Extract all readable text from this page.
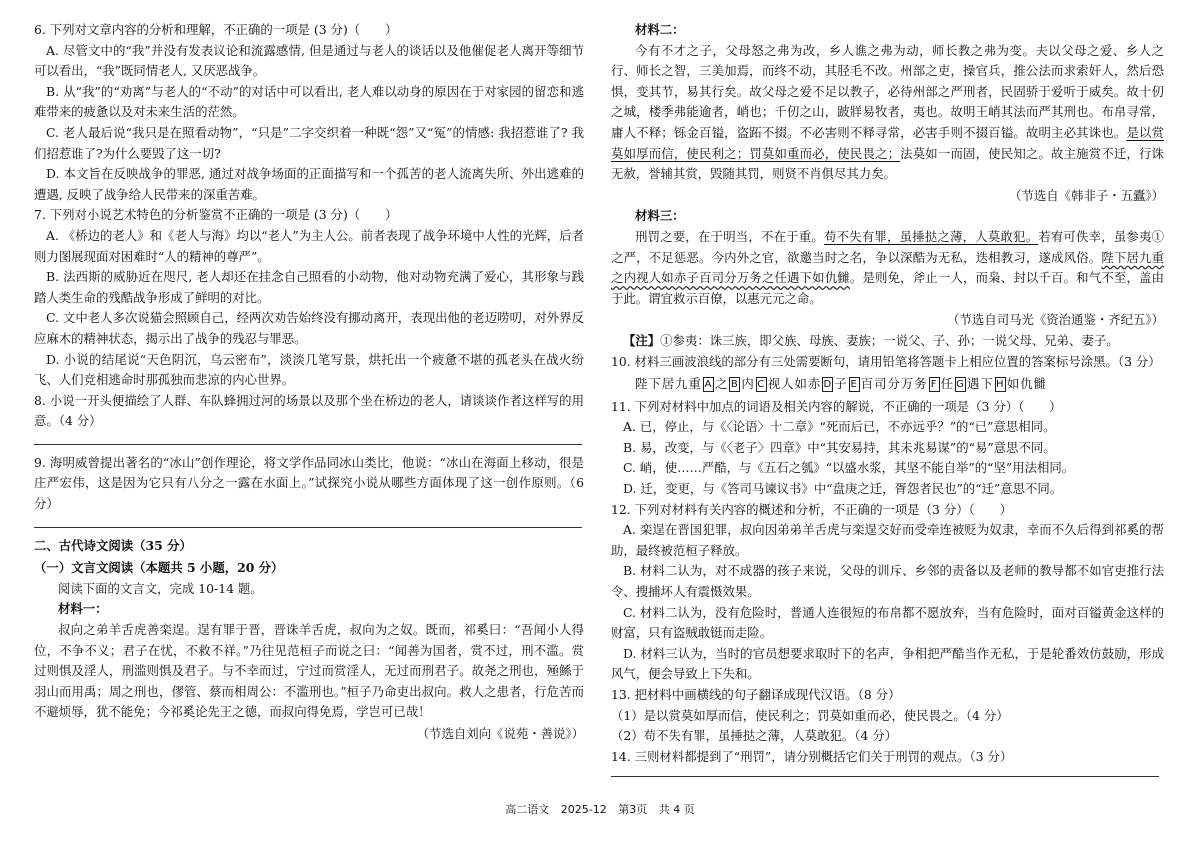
6. 下列对文章内容的分析和理解，不正确的一项是 (3 分)（　　）

A. 尽管文中的“我”并没有发表议论和流露感情, 但是通过与老人的谈话以及他催促老人离开等细节可以看出，“我”既同情老人, 又厌恶战争。

B. 从“我”的“劝离”与老人的“不动”的对话中可以看出, 老人难以动身的原因在于对家园的留恋和逃难带来的疲惫以及对未来生活的茫然。

C. 老人最后说“我只是在照看动物”，“只是”二字交织着一种既“怨”又“冤”的情感: 我招惹谁了? 我们招惹谁了?为什么要毁了这一切?

D. 本文旨在反映战争的罪恶, 通过对战争场面的正面描写和一个孤苦的老人流离失所、外出逃难的遭遇, 反映了战争给人民带来的深重苦难。

7. 下列对小说艺术特色的分析鉴赏不正确的一项是 (3 分)（　　）

A. 《桥边的老人》和《老人与海》均以“老人”为主人公。前者表现了战争环境中人性的光辉，后者则力图展现面对困难时“人的精神的尊严”。

B. 法西斯的威胁近在咫尺, 老人却还在挂念自己照看的小动物，他对动物充满了爱心，其形象与践踏人类生命的残酷战争形成了鲜明的对比。

C. 文中老人多次说猫会照顾自己，经两次劝告始终没有挪动离开，表现出他的老迈唠叨，对外界反应麻木的精神状态，揭示出了战争的残忍与罪恶。

D. 小说的结尾说“天色阴沉，乌云密布”，淡淡几笔写景，烘托出一个疲惫不堪的孤老头在战火纷飞、人们竞相逃命时那孤独而悲凉的内心世界。

8. 小说一开头便描绘了人群、车队蜂拥过河的场景以及那个坐在桥边的老人，请谈谈作者这样写的用意。（4 分）

9. 海明威曾提出著名的“冰山”创作理论，将文学作品同冰山类比，他说：“冰山在海面上移动，很是庄严宏伟，这是因为它只有八分之一露在水面上。”试探究小说从哪些方面体现了这一创作原则。（6 分）

二、古代诗文阅读（35 分）

（一）文言文阅读（本题共 5 小题，20 分）

阅读下面的文言文，完成 10-14 题。

材料一：

叔向之弟羊舌虎善栾逞。逞有罪于晋，晋诛羊舌虎，叔向为之奴。既而，祁奚曰：“吾闻小人得位，不争不义；君子在忧，不救不祥。”乃往见范桓子而说之曰：“闻善为国者，赏不过，刑不滥。赏过则惧及淫人，刑滥则惧及君子。与不幸而过，宁过而赏淫人，无过而刑君子。故尧之刑也，殛鲧于羽山而用禹；周之刑也，僇管、蔡而相周公：不滥刑也。”桓子乃命吏出叔向。救人之患者，行危苦而不避烦辱，犹不能免；今祁奚论先王之德，而叔向得免焉，学岂可已哉！

（节选自刘向《说苑・善说》）

材料二：

今有不才之子，父母怒之弗为改，乡人谯之弗为动，师长教之弗为变。夫以父母之爱、乡人之行、师长之智，三美加焉，而终不动，其胫毛不改。州部之吏，操官兵，推公法而求索奸人，然后恐惧，变其节，易其行矣。故父母之爱不足以教子，必待州部之严刑者，民固骄于爱听于威矣。故十仞之城，楼季弗能逾者，峭也；千仞之山，跛牂易牧者，夷也。故明王峭其法而严其刑也。布帛寻常，庸人不释；铄金百镒，盗跖不掇。不必害则不释寻常，必害手则不掇百镒。故明主必其诛也。是以赏莫如厚而信，使民利之；罚莫如重而必，使民畏之；法莫如一而固，使民知之。故主施赏不迁，行诛无赦，誉辅其赏，毁随其罚，则贤不肖俱尽其力矣。

（节选自《韩非子・五蠹》）

材料三：

刑罚之要，在于明当，不在于重。苟不失有罪，虽捶挞之薄，人莫敢犯。若宥可佚幸，虽参夷①之严，不足惩恶。今内外之官，欲邀当时之名，争以深酷为无私，迭相教习，遂成风俗。陛下居九重之内视人如赤子百司分万务之任遇下如仇雠。是则免，斧止一人，而枭、封以千百。和气不至，盖由于此。谓宜救示百僚，以惠元元之命。

（节选自司马光《资治通鉴・齐纪五》）

【注】①参夷：诛三族，即父族、母族、妻族；一说父、子、孙；一说父母、兄弟、妻子。

10. 材料三画波浪线的部分有三处需要断句，请用铅笔将答题卡上相应位置的答案标号涂黑。（3 分）

陛下居九重 A 之 B 内 C 视人如赤 D 子 E 百司分万务 F 任 G 遇下 H 如仇雠

11. 下列对材料中加点的词语及相关内容的解说，不正确的一项是（3 分）（　　）

A. 已，停止，与《〈论语〉十二章》“死而后已，不亦远乎？”的“已”意思相同。

B. 易，改变，与《〈老子〉四章》中“其安易持，其未兆易谋”的“易”意思不同。

C. 峭，使……严酷，与《五石之瓠》“以盛水浆，其坚不能自举”的“坚”用法相同。

D. 迁，变更，与《答司马谏议书》中“盘庚之迁，胥怨者民也”的“迁”意思不同。

12. 下列对材料有关内容的概述和分析，不正确的一项是（3 分）（　　）

A. 栾逞在晋国犯罪，叔向因弟弟羊舌虎与栾逞交好而受牵连被贬为奴隶，幸而不久后得到祁奚的帮助，最终被范桓子释放。

B. 材料二认为，对不成器的孩子来说，父母的训斥、乡邻的责备以及老师的教导都不如官吏推行法令、搜捕坏人有震慑效果。

C. 材料二认为，没有危险时，普通人连很短的布帛都不愿放弃，当有危险时，面对百镒黄金这样的财富，只有盗贼敢铤而走险。

D. 材料三认为，当时的官员想要求取时下的名声，争相把严酷当作无私，于是轮番效仿鼓励，形成风气，便会导致上下失和。

13. 把材料中画横线的句子翻译成现代汉语。（8 分）

（1）是以赏莫如厚而信，使民利之；罚莫如重而必，使民畏之。（4 分）

（2）苟不失有罪，虽捶挞之薄，人莫敢犯。（4 分）

14. 三则材料都提到了“刑罚”，请分别概括它们关于刑罚的观点。（3 分）

高二语文 2025-12 第3页 共 4 页
